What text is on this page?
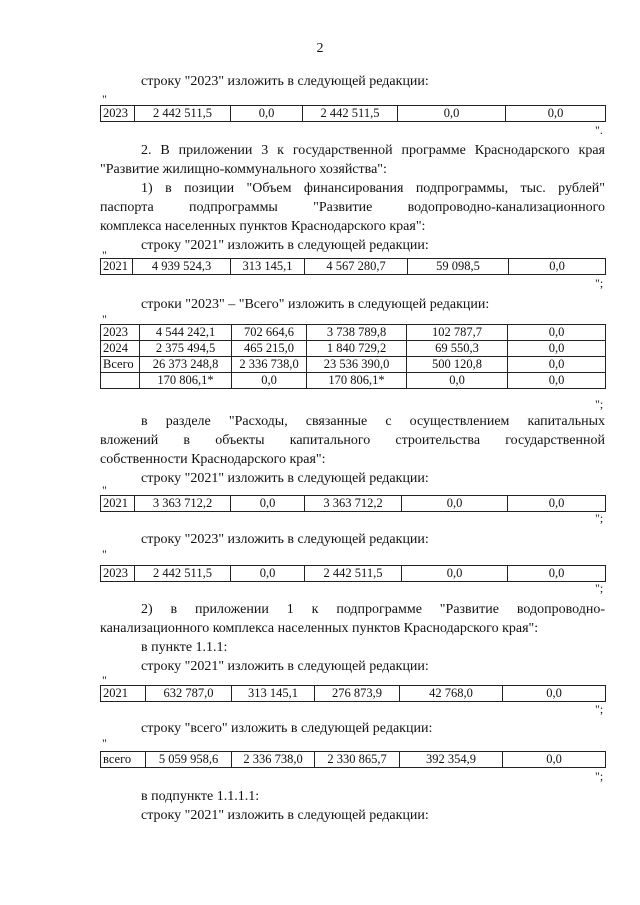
2
строку "2023" изложить в следующей редакции:
"
2023	2 442 511,5	0,0	2 442 511,5	0,0	0,0
".
2. В приложении 3 к государственной программе Краснодарского края
"Развитие жилищно-коммунального хозяйства":
1) в позиции "Объем финансирования подпрограммы, тыс. рублей"
паспорта подпрограммы "Развитие водопроводно-канализационного
комплекса населенных пунктов Краснодарского края":
строку "2021" изложить в следующей редакции:
"
2021	4 939 524,3	313 145,1	4 567 280,7	59 098,5	0,0
";
строки "2023" – "Всего" изложить в следующей редакции:
"
2023	4 544 242,1	702 664,6	3 738 789,8	102 787,7	0,0
2024	2 375 494,5	465 215,0	1 840 729,2	69 550,3	0,0
Всего	26 373 248,8	2 336 738,0	23 536 390,0	500 120,8	0,0
	170 806,1*	0,0	170 806,1*	0,0	0,0
";
в разделе "Расходы, связанные с осуществлением капитальных
вложений в объекты капитального строительства государственной
собственности Краснодарского края":
строку "2021" изложить в следующей редакции:
"
2021	3 363 712,2	0,0	3 363 712,2	0,0	0,0
";
строку "2023" изложить в следующей редакции:
"
2023	2 442 511,5	0,0	2 442 511,5	0,0	0,0
";
2) в приложении 1 к подпрограмме "Развитие водопроводно-
канализационного комплекса населенных пунктов Краснодарского края":
в пункте 1.1.1:
строку "2021" изложить в следующей редакции:
"
2021	632 787,0	313 145,1	276 873,9	42 768,0	0,0
";
строку "всего" изложить в следующей редакции:
"
всего	5 059 958,6	2 336 738,0	2 330 865,7	392 354,9	0,0
";
в подпункте 1.1.1.1:
строку "2021" изложить в следующей редакции:
